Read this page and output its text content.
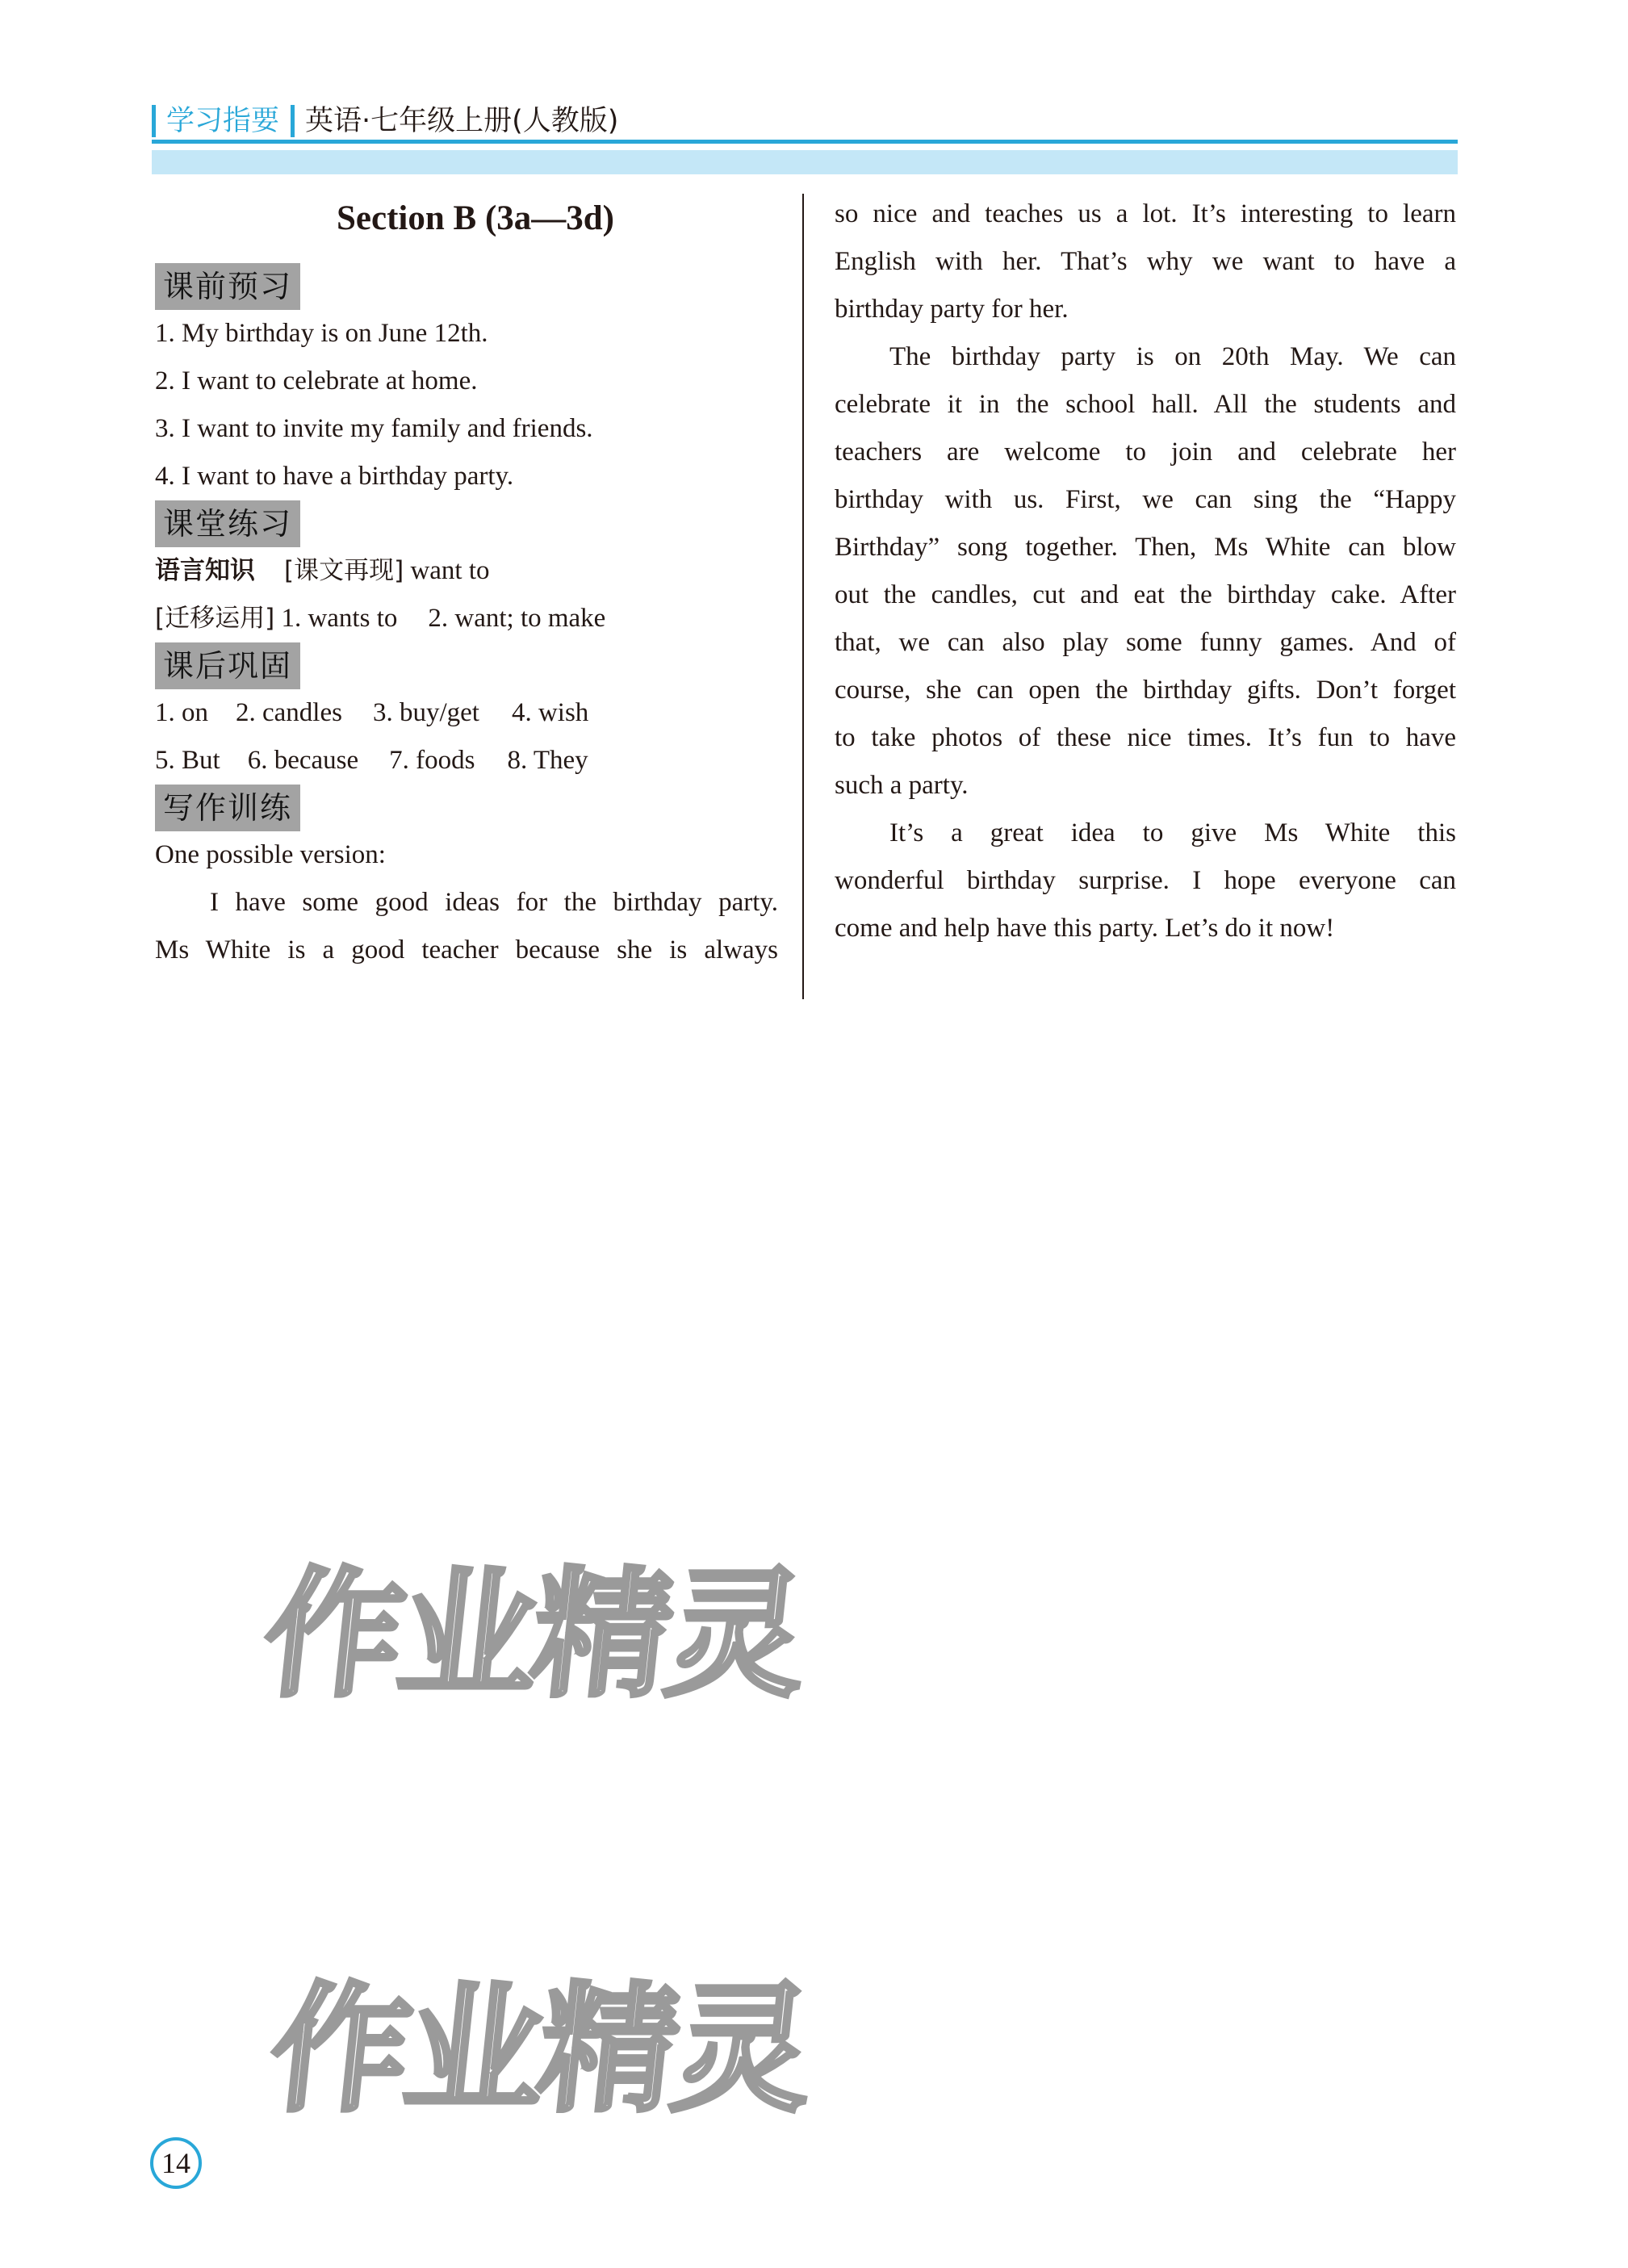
学习指要 英语·七年级上册(人教版)
Section B (3a—3d)
课前预习
1. My birthday is on June 12th.
2. I want to celebrate at home.
3. I want to invite my family and friends.
4. I want to have a birthday party.
课堂练习
语言知识 [课文再现] want to
[迁移运用] 1. wants to 2. want; to make
课后巩固
1. on 2. candles 3. buy/get 4. wish
5. But 6. because 7. foods 8. They
写作训练
One possible version:
I have some good ideas for the birthday party.
Ms White is a good teacher because she is always
so nice and teaches us a lot. It’s interesting to learn
English with her. That’s why we want to have a
birthday party for her.
The birthday party is on 20th May. We can
celebrate it in the school hall. All the students and
teachers are welcome to join and celebrate her
birthday with us. First, we can sing the “Happy
Birthday” song together. Then, Ms White can blow
out the candles, cut and eat the birthday cake. After
that, we can also play some funny games. And of
course, she can open the birthday gifts. Don’t forget
to take photos of these nice times. It’s fun to have
such a party.
It’s a great idea to give Ms White this
wonderful birthday surprise. I hope everyone can
come and help have this party. Let’s do it now!
作业精灵
作业精灵
14
